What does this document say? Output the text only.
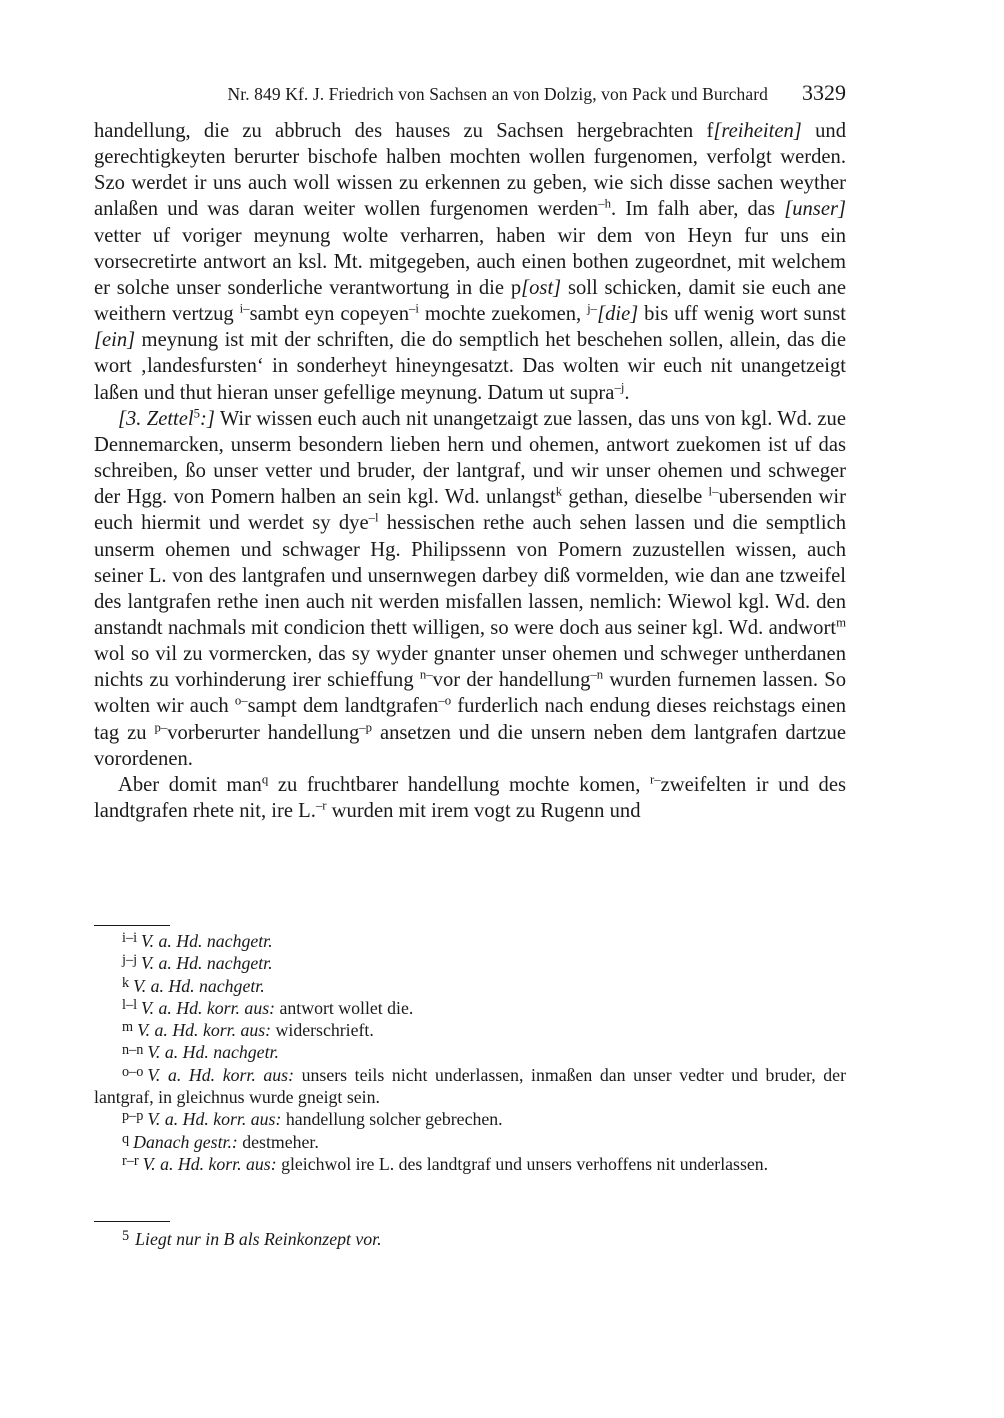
Nr. 849 Kf. J. Friedrich von Sachsen an von Dolzig, von Pack und Burchard 3329

handellung, die zu abbruch des hauses zu Sachsen hergebrachten f[reiheiten] und gerechtigkeyten berurter bischofe halben mochten wollen furgenomen, verfolgt werden. Szo werdet ir uns auch woll wissen zu erkennen zu geben, wie sich disse sachen weyther anlaßen und was daran weiter wollen furgenomen werden$^{-h}$. Im falh aber, das [unser] vetter uf voriger meynung wolte verharren, haben wir dem von Heyn fur uns ein vorsecretirte antwort an ksl. Mt. mitgegeben, auch einen bothen zugeordnet, mit welchem er solche unser sonderliche verantwortung in die p[ost] soll schicken, damit sie euch ane weithern vertzug $^{i-}$sambt eyn copeyen$^{-i}$ mochte zuekomen, $^{j-}$[die] bis uff wenig wort sunst [ein] meynung ist mit der schriften, die do semptlich het beschehen sollen, allein, das die wort ‚landesfursten‘ in sonderheyt hineyngesatzt. Das wolten wir euch nit unangetzeigt laßen und thut hieran unser gefellige meynung. Datum ut supra$^{-j}$.

[3. Zettel$^5$:] Wir wissen euch auch nit unangetzaigt zue lassen, das uns von kgl. Wd. zue Dennemarcken, unserm besondern lieben hern und ohemen, antwort zuekomen ist uf das schreiben, ßo unser vetter und bruder, der lantgraf, und wir unser ohemen und schweger der Hgg. von Pomern halben an sein kgl. Wd. unlangst$^k$ gethan, dieselbe $^{l-}$ubersenden wir euch hiermit und werdet sy dye$^{-l}$ hessischen rethe auch sehen lassen und die semptlich unserm ohemen und schwager Hg. Philipssenn von Pomern zuzustellen wissen, auch seiner L. von des lantgrafen und unsernwegen darbey diß vormelden, wie dan ane tzweifel des lantgrafen rethe inen auch nit werden misfallen lassen, nemlich: Wiewol kgl. Wd. den anstandt nachmals mit condicion thett willigen, so were doch aus seiner kgl. Wd. andwort$^m$ wol so vil zu vormercken, das sy wyder gnanter unser ohemen und schweger untherdanen nichts zu vorhinderung irer schieffung $^{n-}$vor der handellung$^{-n}$ wurden furnemen lassen. So wolten wir auch $^{o-}$sampt dem landtgrafen$^{-o}$ furderlich nach endung dieses reichstags einen tag zu $^{p-}$vorberurter handellung$^{-p}$ ansetzen und die unsern neben dem lantgrafen dartzue vorordenen.

Aber domit man$^q$ zu fruchtbarer handellung mochte komen, $^{r-}$zweifelten ir und des landtgrafen rhete nit, ire L.$^{-r}$ wurden mit irem vogt zu Rugenn und

$^{i-i}$ V. a. Hd. nachgetr.

$^{j-j}$ V. a. Hd. nachgetr.

$^k$ V. a. Hd. nachgetr.

$^{l-l}$ V. a. Hd. korr. aus: antwort wollet die.

$^m$ V. a. Hd. korr. aus: widerschrieft.

$^{n-n}$ V. a. Hd. nachgetr.

$^{o-o}$ V. a. Hd. korr. aus: unsers teils nicht underlassen, inmaßen dan unser vedter und bruder, der lantgraf, in gleichnus wurde gneigt sein.

$^{p-p}$ V. a. Hd. korr. aus: handellung solcher gebrechen.

$^q$ Danach gestr.: destmeher.

$^{r-r}$ V. a. Hd. korr. aus: gleichwol ire L. des landtgraf und unsers verhoffens nit underlassen.

$^5$ Liegt nur in B als Reinkonzept vor.
